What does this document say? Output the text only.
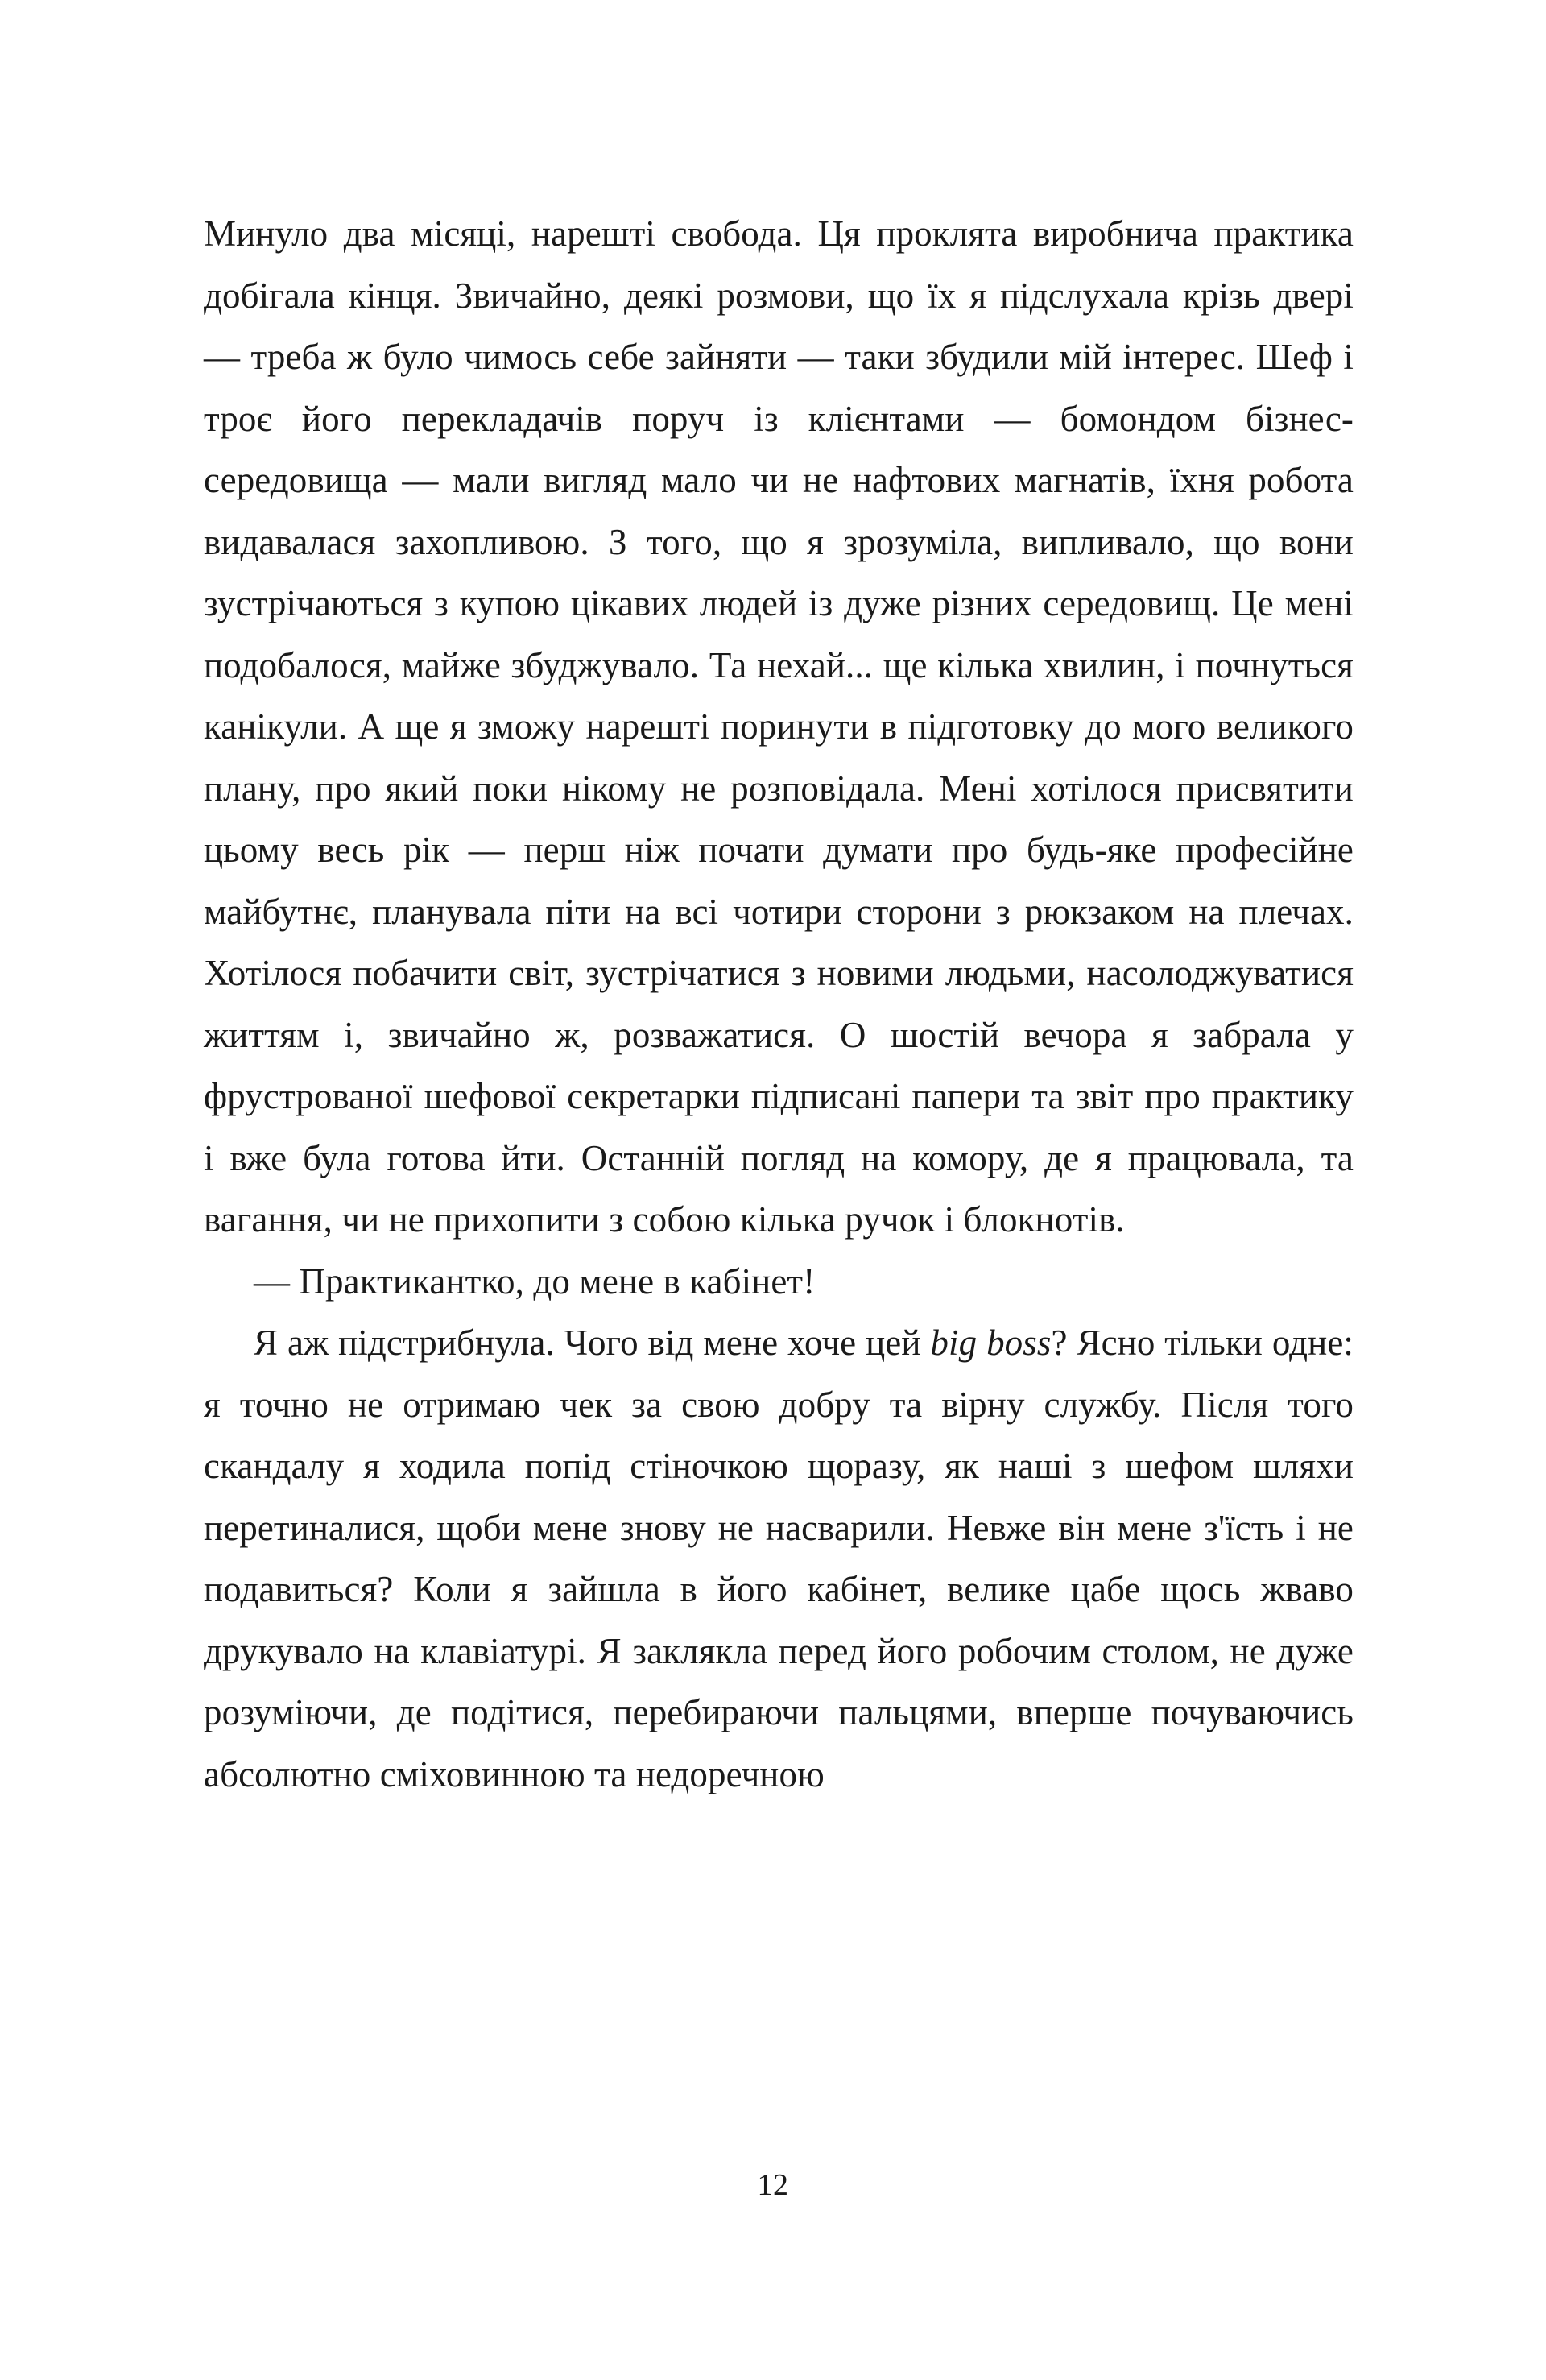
Минуло два місяці, нарешті свобода. Ця проклята виробнича практика добігала кінця. Звичайно, деякі розмови, що їх я підслухала крізь двері — треба ж було чимось себе зайняти — таки збудили мій інтерес. Шеф і троє його перекладачів поруч із клієнтами — бомондом бізнес-середовища — мали вигляд мало чи не нафтових магнатів, їхня робота видавалася захопливою. З того, що я зрозуміла, випливало, що вони зустрічаються з купою цікавих людей із дуже різних середовищ. Це мені подобалося, майже збуджувало. Та нехай... ще кілька хвилин, і почнуться канікули. А ще я зможу нарешті поринути в підготовку до мого великого плану, про який поки нікому не розповідала. Мені хотілося присвятити цьому весь рік — перш ніж почати думати про будь-яке професійне майбутнє, планувала піти на всі чотири сторони з рюкзаком на плечах. Хотілося побачити світ, зустрічатися з новими людьми, насолоджуватися життям і, звичайно ж, розважатися. О шостій вечора я забрала у фрустрованої шефової секретарки підписані папери та звіт про практику і вже була готова йти. Останній погляд на комору, де я працювала, та вагання, чи не прихопити з собою кілька ручок і блокнотів.

— Практикантко, до мене в кабінет!

Я аж підстрибнула. Чого від мене хоче цей big boss? Ясно тільки одне: я точно не отримаю чек за свою добру та вірну службу. Після того скандалу я ходила попід стіночкою щоразу, як наші з шефом шляхи перетиналися, щоби мене знову не насварили. Невже він мене з'їсть і не подавиться? Коли я зайшла в його кабінет, велике цабе щось жваво друкувало на клавіатурі. Я заклякла перед його робочим столом, не дуже розуміючи, де подітися, перебираючи пальцями, вперше почуваючись абсолютно сміховинною та недоречною

12
